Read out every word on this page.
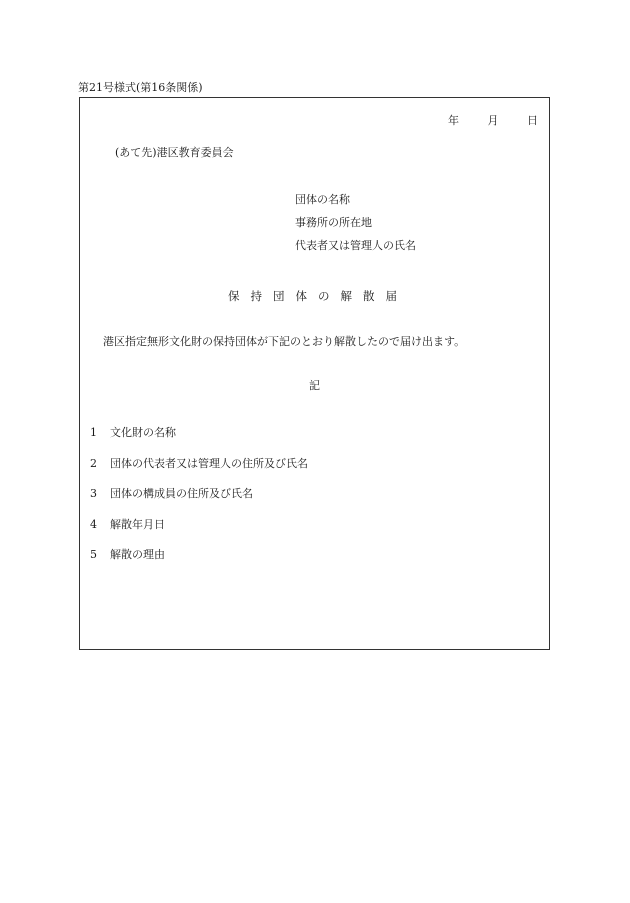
第21号様式(第16条関係)
年	月	日
(あて先)港区教育委員会
団体の名称
事務所の所在地
代表者又は管理人の氏名
保持団体の解散届
港区指定無形文化財の保持団体が下記のとおり解散したので届け出ます。
記
1	文化財の名称
2	団体の代表者又は管理人の住所及び氏名
3	団体の構成員の住所及び氏名
4	解散年月日
5	解散の理由
